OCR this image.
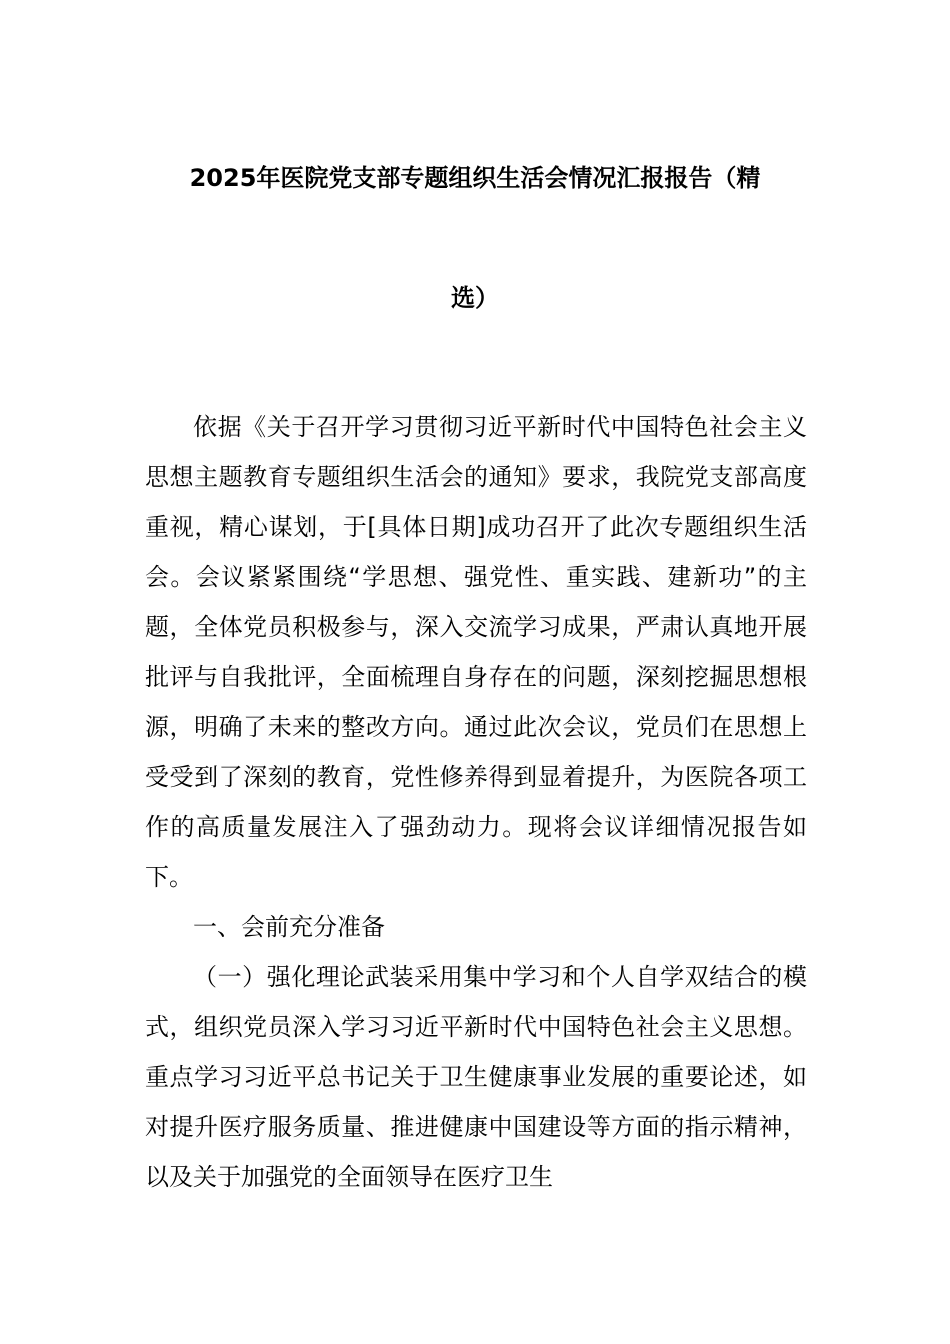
2025年医院党支部专题组织生活会情况汇报报告（精
选）

依据《关于召开学习贯彻习近平新时代中国特色社会主义思想主题教育专题组织生活会的通知》要求，我院党支部高度重视，精心谋划，于[具体日期]成功召开了此次专题组织生活会。会议紧紧围绕“学思想、强党性、重实践、建新功”的主题，全体党员积极参与，深入交流学习成果，严肃认真地开展批评与自我批评，全面梳理自身存在的问题，深刻挖掘思想根源，明确了未来的整改方向。通过此次会议，党员们在思想上受受到了深刻的教育，党性修养得到显着提升，为医院各项工作的高质量发展注入了强劲动力。现将会议详细情况报告如下。

一、会前充分准备

（一）强化理论武装采用集中学习和个人自学双结合的模式，组织党员深入学习习近平新时代中国特色社会主义思想。重点学习习近平总书记关于卫生健康事业发展的重要论述，如对提升医疗服务质量、推进健康中国建设等方面的指示精神，以及关于加强党的全面领导在医疗卫生
